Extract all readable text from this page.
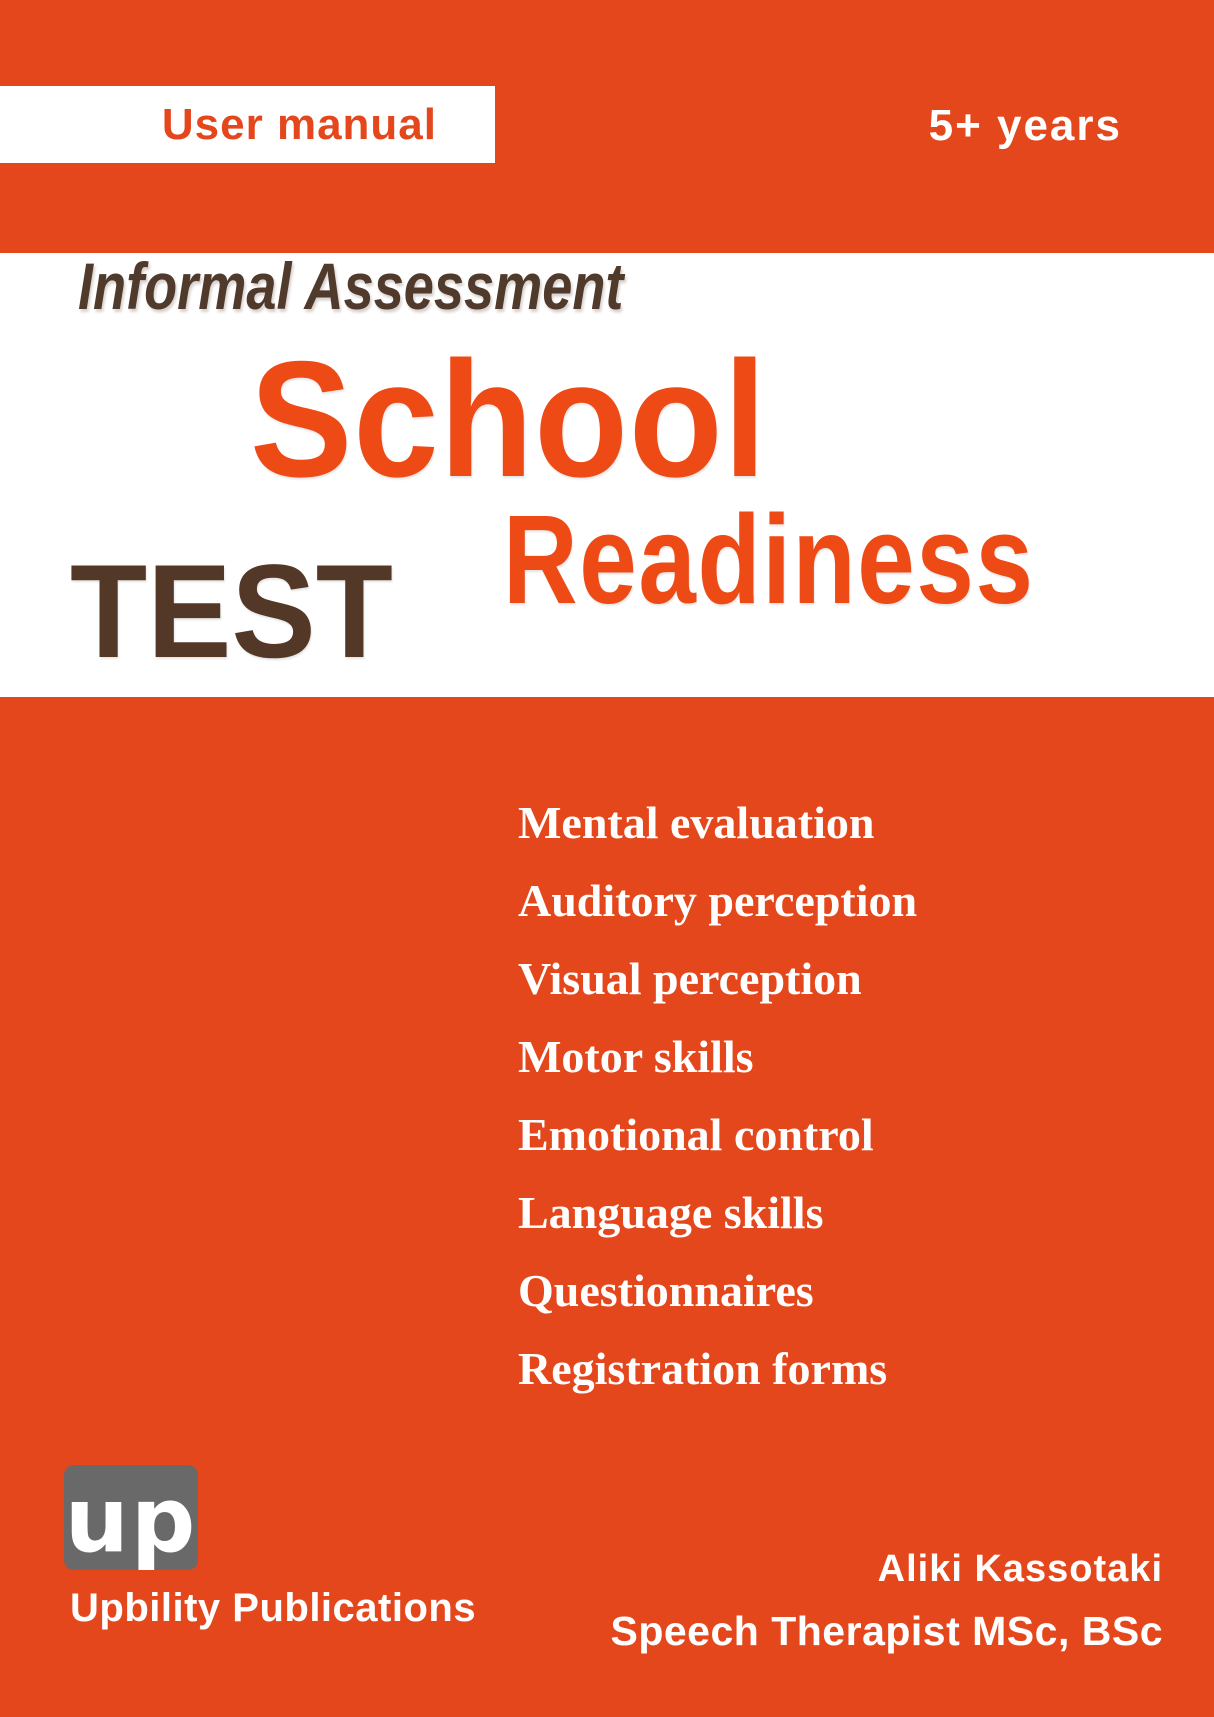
User manual	5+ years
Informal Assessment
School
TEST Readiness
Mental evaluation
Auditory perception
Visual perception
Motor skills
Emotional control
Language skills
Questionnaires
Registration forms
up
Upbility Publications
Aliki Kassotaki
Speech Therapist MSc, BSc
